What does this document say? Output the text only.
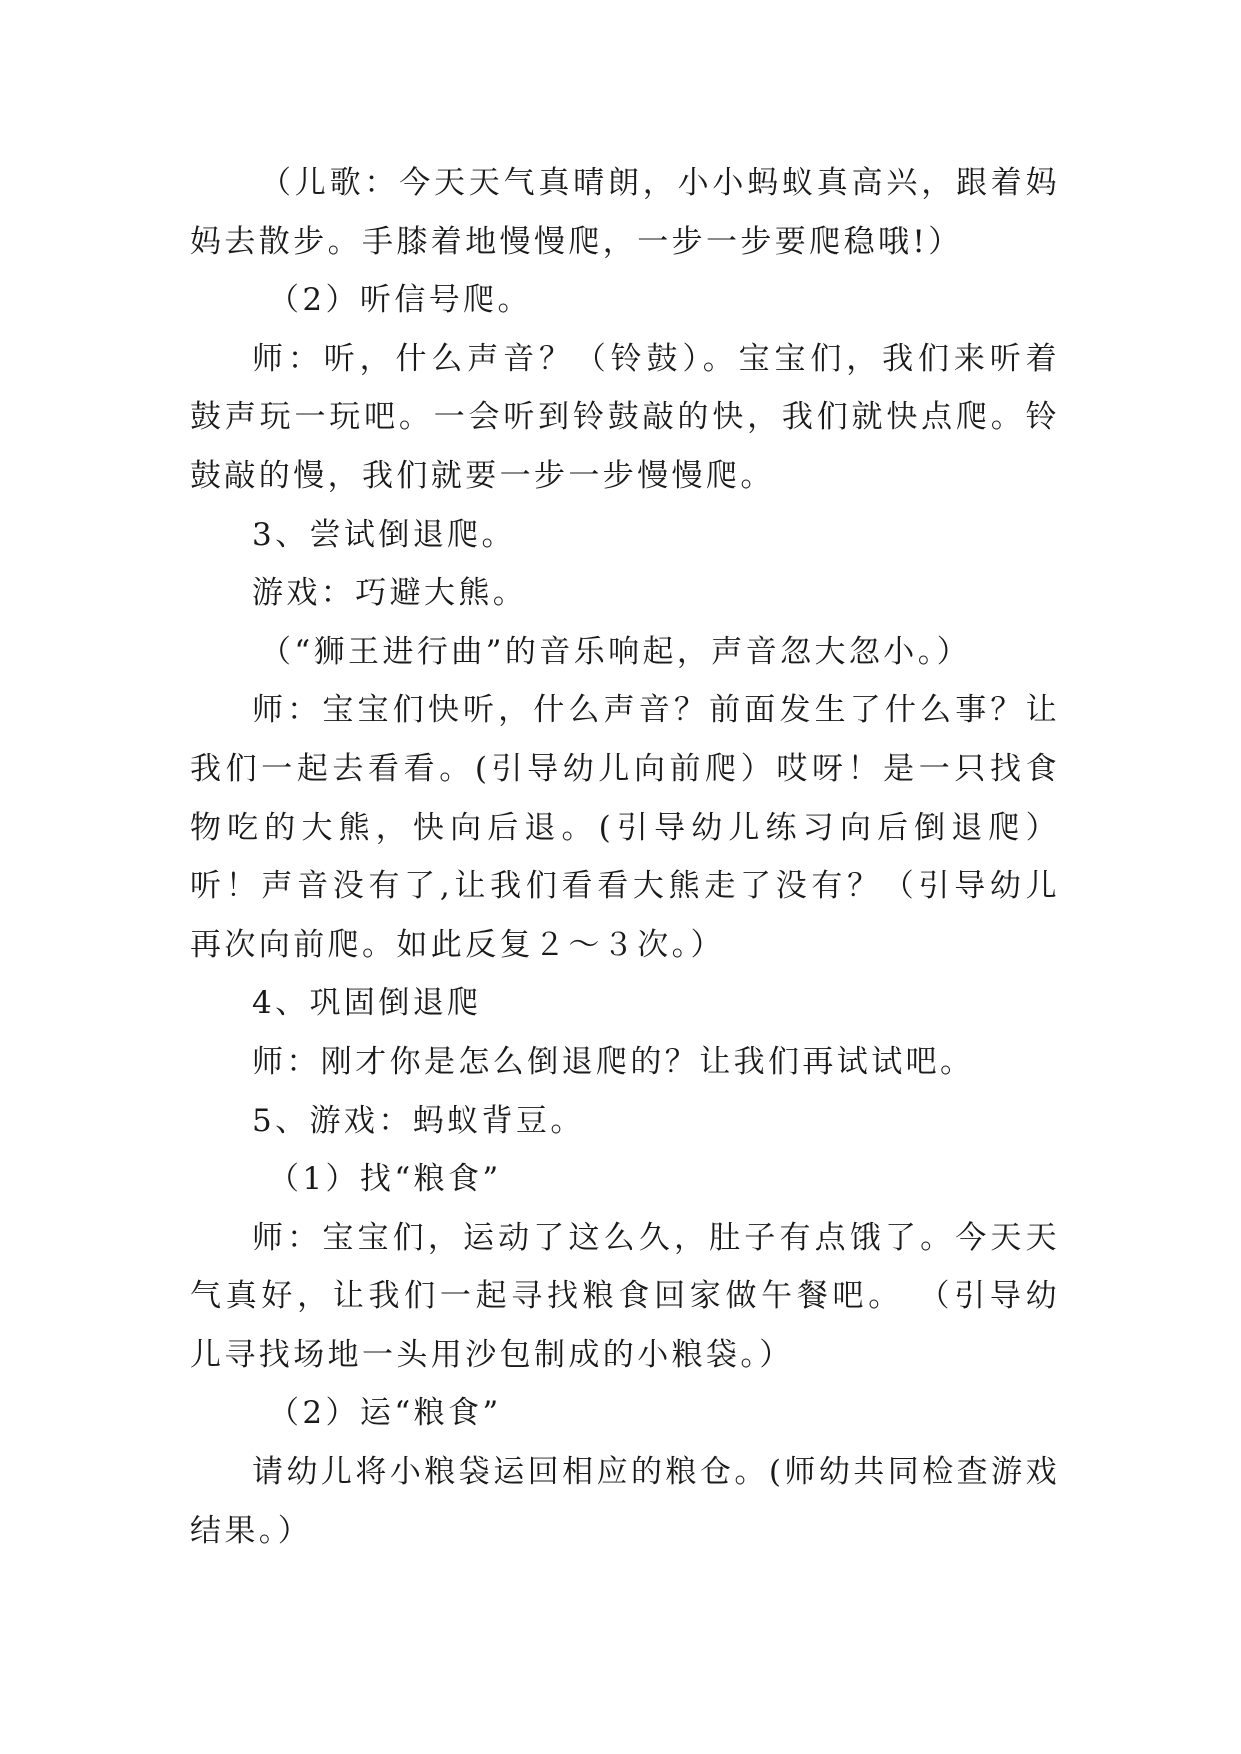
（儿歌：今天天气真晴朗，小小蚂蚁真高兴，跟着妈妈去散步。手膝着地慢慢爬，一步一步要爬稳哦!）

（2）听信号爬。

师：听，什么声音？（铃鼓）。宝宝们，我们来听着鼓声玩一玩吧。一会听到铃鼓敲的快，我们就快点爬。铃鼓敲的慢，我们就要一步一步慢慢爬。

3、尝试倒退爬。

游戏：巧避大熊。

（“狮王进行曲”的音乐响起，声音忽大忽小。）

师：宝宝们快听，什么声音？前面发生了什么事？让我们一起去看看。(引导幼儿向前爬）哎呀！是一只找食物吃的大熊，快向后退。(引导幼儿练习向后倒退爬）听！声音没有了,让我们看看大熊走了没有？（引导幼儿再次向前爬。如此反复２～３次。）

4、巩固倒退爬

师：刚才你是怎么倒退爬的？让我们再试试吧。

5、游戏：蚂蚁背豆。

（1）找“粮食”

师：宝宝们，运动了这么久，肚子有点饿了。今天天气真好，让我们一起寻找粮食回家做午餐吧。 （引导幼儿寻找场地一头用沙包制成的小粮袋。）

（2）运“粮食”

请幼儿将小粮袋运回相应的粮仓。(师幼共同检查游戏结果。）
